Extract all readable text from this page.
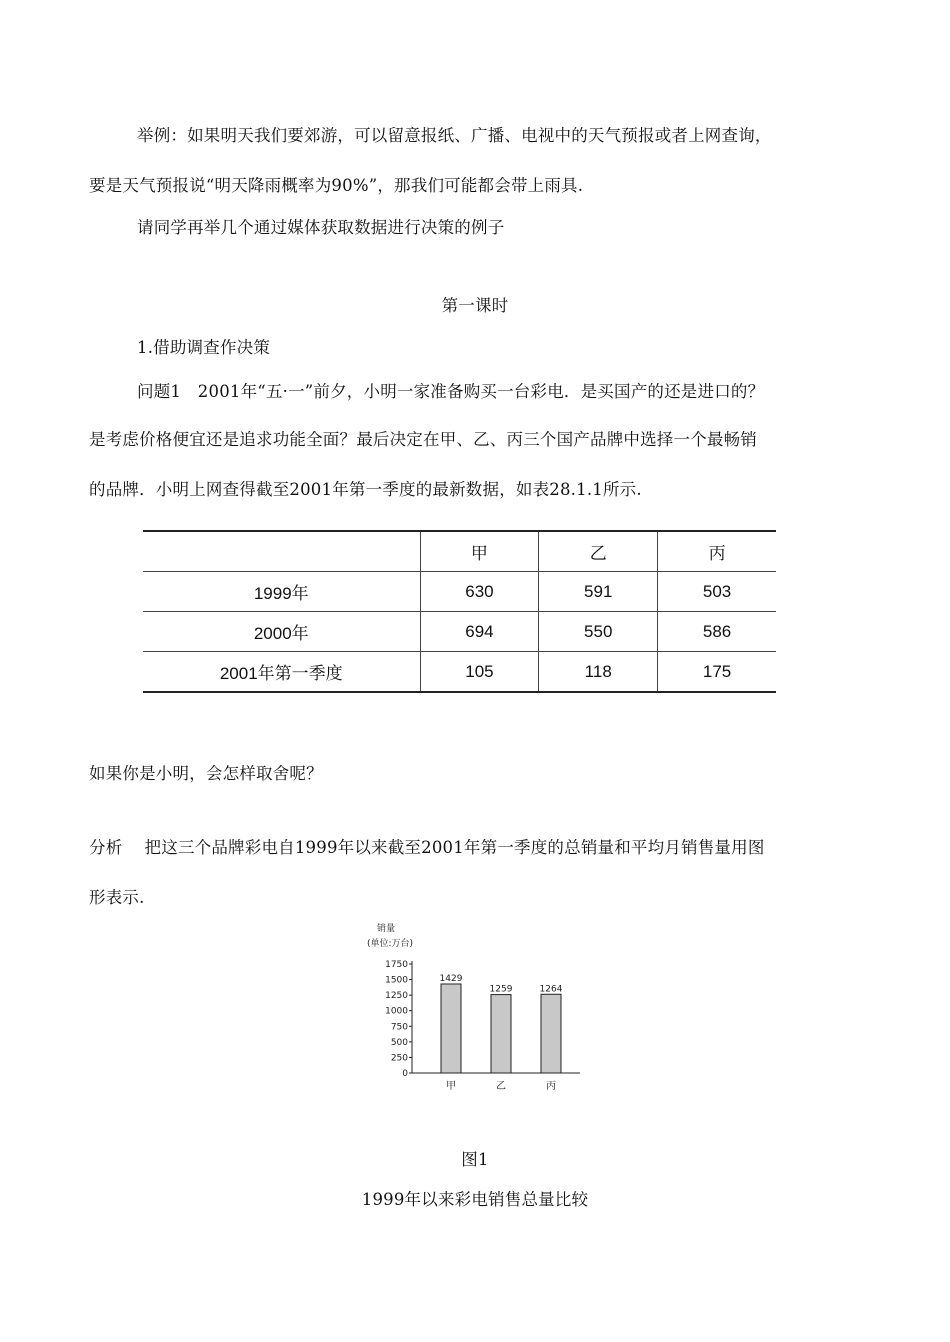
举例：如果明天我们要郊游，可以留意报纸、广播、电视中的天气预报或者上网查询，
要是天气预报说“明天降雨概率为90%”，那我们可能都会带上雨具.
请同学再举几个通过媒体获取数据进行决策的例子
第一课时
1.借助调查作决策
问题1　2001年“五·一”前夕，小明一家准备购买一台彩电．是买国产的还是进口的？
是考虑价格便宜还是追求功能全面？最后决定在甲、乙、丙三个国产品牌中选择一个最畅销
的品牌．小明上网查得截至2001年第一季度的最新数据，如表28.1.1所示.
	甲	乙	丙
1999年	630	591	503
2000年	694	550	586
2001年第一季度	105	118	175
如果你是小明，会怎样取舍呢？
分析　 把这三个品牌彩电自1999年以来截至2001年第一季度的总销量和平均月销售量用图
形表示.
销量
(单位:万台)
0
250
500
750
1000
1250
1500
1750
1429
甲
1259
乙
1264
丙
图1
1999年以来彩电销售总量比较
